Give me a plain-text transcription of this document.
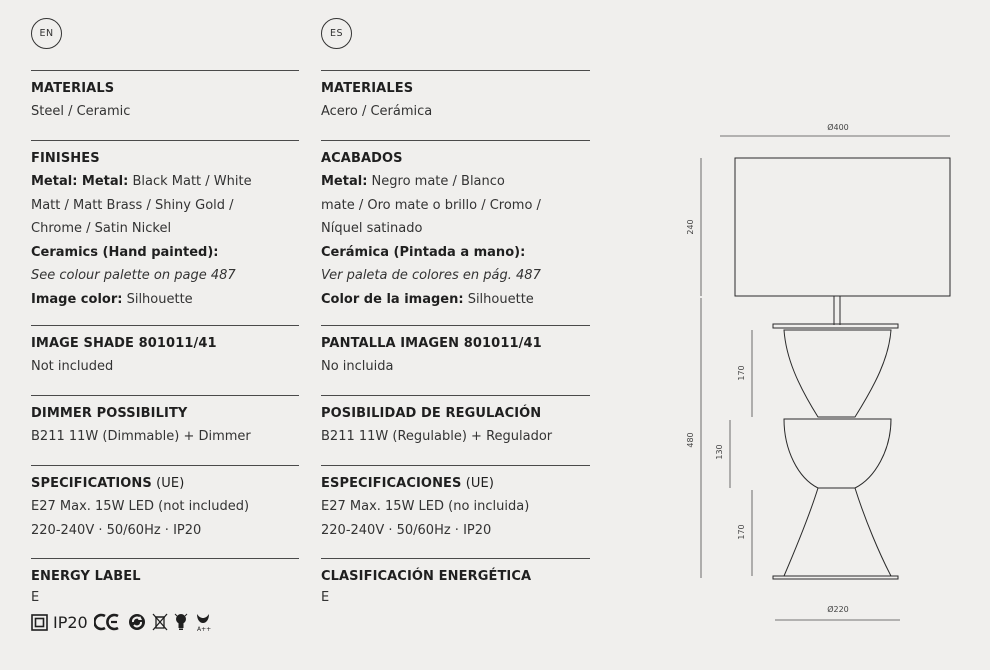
EN
MATERIALS
Steel / Ceramic
FINISHES
Metal: Metal: Black Matt / White
Matt / Matt Brass / Shiny Gold /
Chrome / Satin Nickel
Ceramics (Hand painted):
See colour palette on page 487
Image color: Silhouette
IMAGE SHADE 801011/41
Not included
DIMMER POSSIBILITY
B211 11W (Dimmable) + Dimmer
SPECIFICATIONS (UE)
E27 Max. 15W LED (not included)
220-240V · 50/60Hz · IP20
ENERGY LABEL
E
IP20	A++
ES
MATERIALES
Acero / Cerámica
ACABADOS
Metal: Negro mate / Blanco
mate / Oro mate o brillo / Cromo /
Níquel satinado
Cerámica (Pintada a mano):
Ver paleta de colores en pág. 487
Color de la imagen: Silhouette
PANTALLA IMAGEN 801011/41
No incluida
POSIBILIDAD DE REGULACIÓN
B211 11W (Regulable) + Regulador
ESPECIFICACIONES (UE)
E27 Max. 15W LED (no incluida)
220-240V · 50/60Hz · IP20
CLASIFICACIÓN ENERGÉTICA
E
Ø400
240
480
170
130
170
Ø220
